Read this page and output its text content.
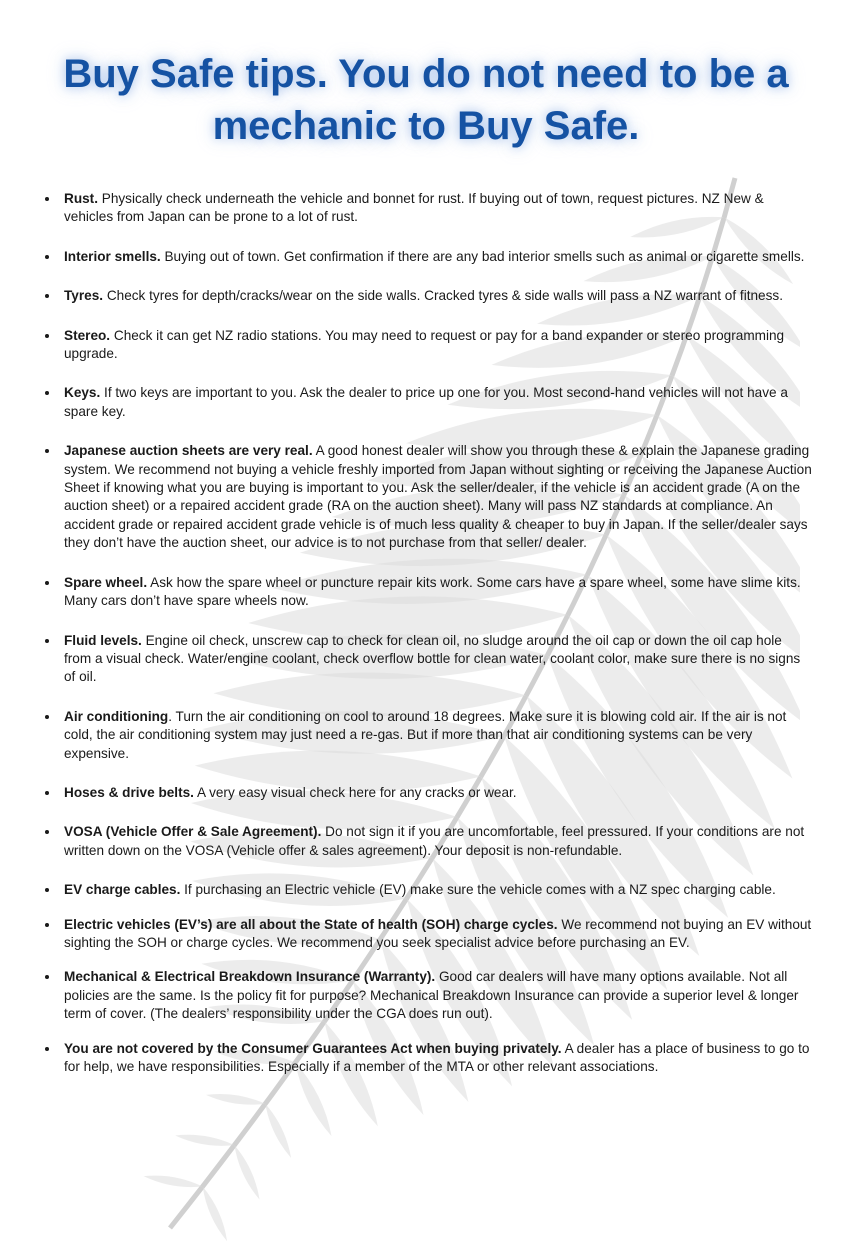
Buy Safe tips. You do not need to be a mechanic to Buy Safe.
Rust. Physically check underneath the vehicle and bonnet for rust. If buying out of town, request pictures. NZ New & vehicles from Japan can be prone to a lot of rust.
Interior smells. Buying out of town. Get confirmation if there are any bad interior smells such as animal or cigarette smells.
Tyres. Check tyres for depth/cracks/wear on the side walls. Cracked tyres & side walls will pass a NZ warrant of fitness.
Stereo. Check it can get NZ radio stations. You may need to request or pay for a band expander or stereo programming upgrade.
Keys. If two keys are important to you. Ask the dealer to price up one for you. Most second-hand vehicles will not have a spare key.
Japanese auction sheets are very real. A good honest dealer will show you through these & explain the Japanese grading system. We recommend not buying a vehicle freshly imported from Japan without sighting or receiving the Japanese Auction Sheet if knowing what you are buying is important to you. Ask the seller/dealer, if the vehicle is an accident grade (A on the auction sheet) or a repaired accident grade (RA on the auction sheet). Many will pass NZ standards at compliance. An accident grade or repaired accident grade vehicle is of much less quality & cheaper to buy in Japan. If the seller/dealer says they don’t have the auction sheet, our advice is to not purchase from that seller/ dealer.
Spare wheel. Ask how the spare wheel or puncture repair kits work. Some cars have a spare wheel, some have slime kits. Many cars don’t have spare wheels now.
Fluid levels. Engine oil check, unscrew cap to check for clean oil, no sludge around the oil cap or down the oil cap hole from a visual check. Water/engine coolant, check overflow bottle for clean water, coolant color, make sure there is no signs of oil.
Air conditioning. Turn the air conditioning on cool to around 18 degrees. Make sure it is blowing cold air. If the air is not cold, the air conditioning system may just need a re-gas. But if more than that air conditioning systems can be very expensive.
Hoses & drive belts. A very easy visual check here for any cracks or wear.
VOSA (Vehicle Offer & Sale Agreement). Do not sign it if you are uncomfortable, feel pressured. If your conditions are not written down on the VOSA (Vehicle offer & sales agreement). Your deposit is non-refundable.
EV charge cables. If purchasing an Electric vehicle (EV) make sure the vehicle comes with a NZ spec charging cable.
Electric vehicles (EV’s) are all about the State of health (SOH) charge cycles. We recommend not buying an EV without sighting the SOH or charge cycles. We recommend you seek specialist advice before purchasing an EV.
Mechanical & Electrical Breakdown Insurance (Warranty). Good car dealers will have many options available. Not all policies are the same. Is the policy fit for purpose? Mechanical Breakdown Insurance can provide a superior level & longer term of cover. (The dealers’ responsibility under the CGA does run out).
You are not covered by the Consumer Guarantees Act when buying privately. A dealer has a place of business to go to for help, we have responsibilities. Especially if a member of the MTA or other relevant associations.
